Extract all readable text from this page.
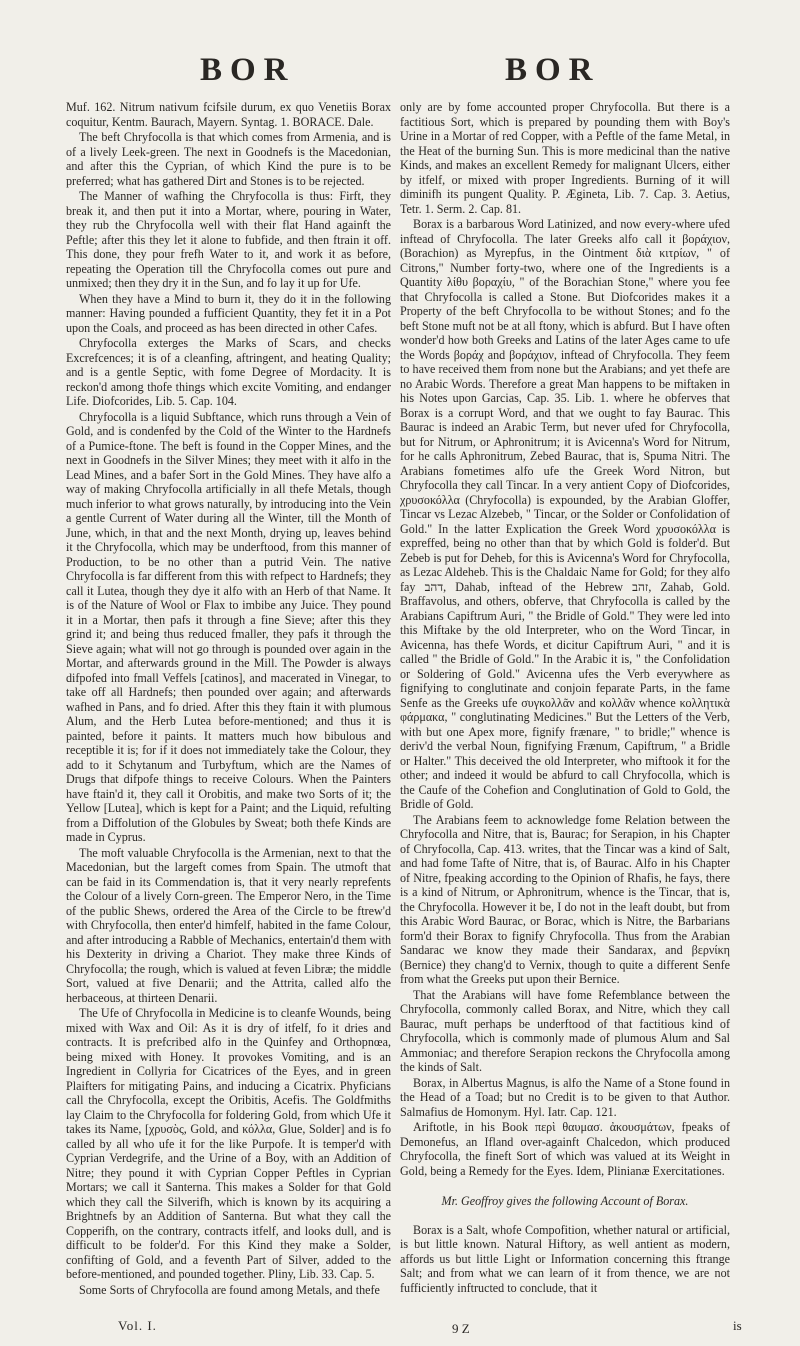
BOR	BOR

Muf. 162. Nitrum nativum fcifsile durum, ex quo Venetiis Borax coquitur, Kentm. Baurach, Mayern. Syntag. 1. BORACE. Dale.

The beft Chryfocolla is that which comes from Armenia, and is of a lively Leek-green. The next in Goodnefs is the Macedonian, and after this the Cyprian, of which Kind the pure is to be preferred; what has gathered Dirt and Stones is to be rejected.

The Manner of wafhing the Chryfocolla is thus: Firft, they break it, and then put it into a Mortar, where, pouring in Water, they rub the Chryfocolla well with their flat Hand againft the Peftle; after this they let it alone to fubfide, and then ftrain it off. This done, they pour frefh Water to it, and work it as before, repeating the Operation till the Chryfocolla comes out pure and unmixed; then they dry it in the Sun, and fo lay it up for Ufe.

When they have a Mind to burn it, they do it in the following manner: Having pounded a fufficient Quantity, they fet it in a Pot upon the Coals, and proceed as has been directed in other Cafes.

Chryfocolla exterges the Marks of Scars, and checks Excrefcences; it is of a cleanfing, aftringent, and heating Quality; and is a gentle Septic, with fome Degree of Mordacity. It is reckon'd among thofe things which excite Vomiting, and endanger Life. Diofcorides, Lib. 5. Cap. 104.

Chryfocolla is a liquid Subftance, which runs through a Vein of Gold, and is condenfed by the Cold of the Winter to the Hardnefs of a Pumice-ftone. The beft is found in the Copper Mines, and the next in Goodnefs in the Silver Mines; they meet with it alfo in the Lead Mines, and a bafer Sort in the Gold Mines. They have alfo a way of making Chryfocolla artificially in all thefe Metals, though much inferior to what grows naturally, by introducing into the Vein a gentle Current of Water during all the Winter, till the Month of June, which, in that and the next Month, drying up, leaves behind it the Chryfocolla, which may be underftood, from this manner of Production, to be no other than a putrid Vein. The native Chryfocolla is far different from this with refpect to Hardnefs; they call it Lutea, though they dye it alfo with an Herb of that Name. It is of the Nature of Wool or Flax to imbibe any Juice. They pound it in a Mortar, then pafs it through a fine Sieve; after this they grind it; and being thus reduced fmaller, they pafs it through the Sieve again; what will not go through is pounded over again in the Mortar, and afterwards ground in the Mill. The Powder is always difpofed into fmall Veffels [catinos], and macerated in Vinegar, to take off all Hardnefs; then pounded over again; and afterwards wafhed in Pans, and fo dried. After this they ftain it with plumous Alum, and the Herb Lutea before-mentioned; and thus it is painted, before it paints. It matters much how bibulous and receptible it is; for if it does not immediately take the Colour, they add to it Schytanum and Turbyftum, which are the Names of Drugs that difpofe things to receive Colours. When the Painters have ftain'd it, they call it Orobitis, and make two Sorts of it; the Yellow [Lutea], which is kept for a Paint; and the Liquid, refulting from a Diffolution of the Globules by Sweat; both thefe Kinds are made in Cyprus.

The moft valuable Chryfocolla is the Armenian, next to that the Macedonian, but the largeft comes from Spain. The utmoft that can be faid in its Commendation is, that it very nearly reprefents the Colour of a lively Corn-green. The Emperor Nero, in the Time of the public Shews, ordered the Area of the Circle to be ftrew'd with Chryfocolla, then enter'd himfelf, habited in the fame Colour, and after introducing a Rabble of Mechanics, entertain'd them with his Dexterity in driving a Chariot. They make three Kinds of Chryfocolla; the rough, which is valued at feven Libræ; the middle Sort, valued at five Denarii; and the Attrita, called alfo the herbaceous, at thirteen Denarii.

The Ufe of Chryfocolla in Medicine is to cleanfe Wounds, being mixed with Wax and Oil: As it is dry of itfelf, fo it dries and contracts. It is prefcribed alfo in the Quinfey and Orthopnœa, being mixed with Honey. It provokes Vomiting, and is an Ingredient in Collyria for Cicatrices of the Eyes, and in green Plaifters for mitigating Pains, and inducing a Cicatrix. Phyficians call the Chryfocolla, except the Oribitis, Acefis. The Goldfmiths lay Claim to the Chryfocolla for foldering Gold, from which Ufe it takes its Name, [χρυσὸς, Gold, and κόλλα, Glue, Solder] and is fo called by all who ufe it for the like Purpofe. It is temper'd with Cyprian Verdegrife, and the Urine of a Boy, with an Addition of Nitre; they pound it with Cyprian Copper Peftles in Cyprian Mortars; we call it Santerna. This makes a Solder for that Gold which they call the Silverifh, which is known by its acquiring a Brightnefs by an Addition of Santerna. But what they call the Copperifh, on the contrary, contracts itfelf, and looks dull, and is difficult to be folder'd. For this Kind they make a Solder, confifting of Gold, and a feventh Part of Silver, added to the before-mentioned, and pounded together. Pliny, Lib. 33. Cap. 5.

Some Sorts of Chryfocolla are found among Metals, and thefe

only are by fome accounted proper Chryfocolla. But there is a factitious Sort, which is prepared by pounding them with Boy's Urine in a Mortar of red Copper, with a Peftle of the fame Metal, in the Heat of the burning Sun. This is more medicinal than the native Kinds, and makes an excellent Remedy for malignant Ulcers, either by itfelf, or mixed with proper Ingredients. Burning of it will diminifh its pungent Quality. P. Ægineta, Lib. 7. Cap. 3. Aetius, Tetr. 1. Serm. 2. Cap. 81.

Borax is a barbarous Word Latinized, and now every-where ufed inftead of Chryfocolla. The later Greeks alfo call it βοράχιον, (Borachion) as Myrepfus, in the Ointment διὰ κιτρίων, " of Citrons," Number forty-two, where one of the Ingredients is a Quantity λίθυ βοραχίυ, " of the Borachian Stone," where you fee that Chryfocolla is called a Stone. But Diofcorides makes it a Property of the beft Chryfocolla to be without Stones; and fo the beft Stone muft not be at all ftony, which is abfurd. But I have often wonder'd how both Greeks and Latins of the later Ages came to ufe the Words βοράχ and βοράχιον, inftead of Chryfocolla. They feem to have received them from none but the Arabians; and yet thefe are no Arabic Words. Therefore a great Man happens to be miftaken in his Notes upon Garcias, Cap. 35. Lib. 1. where he obferves that Borax is a corrupt Word, and that we ought to fay Baurac. This Baurac is indeed an Arabic Term, but never ufed for Chryfocolla, but for Nitrum, or Aphronitrum; it is Avicenna's Word for Nitrum, for he calls Aphronitrum, Zebed Baurac, that is, Spuma Nitri. The Arabians fometimes alfo ufe the Greek Word Nitron, but Chryfocolla they call Tincar. In a very antient Copy of Diofcorides, χρυσοκόλλα (Chryfocolla) is expounded, by the Arabian Gloffer, Tincar vs Lezac Alzebeb, " Tincar, or the Solder or Confolidation of Gold." In the latter Explication the Greek Word χρυσοκόλλα is expreffed, being no other than that by which Gold is folder'd. But Zebeb is put for Deheb, for this is Avicenna's Word for Chryfocolla, as Lezac Aldeheb. This is the Chaldaic Name for Gold; for they alfo fay דהב, Dahab, inftead of the Hebrew זהב, Zahab, Gold. Braffavolus, and others, obferve, that Chryfocolla is called by the Arabians Capiftrum Auri, " the Bridle of Gold." They were led into this Miftake by the old Interpreter, who on the Word Tincar, in Avicenna, has thefe Words, et dicitur Capiftrum Auri, " and it is called " the Bridle of Gold." In the Arabic it is, " the Confolidation or Soldering of Gold." Avicenna ufes the Verb everywhere as fignifying to conglutinate and conjoin feparate Parts, in the fame Senfe as the Greeks ufe συγκολλᾶν and κολλᾶν whence κολλητικὰ φάρμακα, " conglutinating Medicines." But the Letters of the Verb, with but one Apex more, fignify frænare, " to bridle;" whence is deriv'd the verbal Noun, fignifying Frænum, Capiftrum, " a Bridle or Halter." This deceived the old Interpreter, who miftook it for the other; and indeed it would be abfurd to call Chryfocolla, which is the Caufe of the Cohefion and Conglutination of Gold to Gold, the Bridle of Gold.

The Arabians feem to acknowledge fome Relation between the Chryfocolla and Nitre, that is, Baurac; for Serapion, in his Chapter of Chryfocolla, Cap. 413. writes, that the Tincar was a kind of Salt, and had fome Tafte of Nitre, that is, of Baurac. Alfo in his Chapter of Nitre, fpeaking according to the Opinion of Rhafis, he fays, there is a kind of Nitrum, or Aphronitrum, whence is the Tincar, that is, the Chryfocolla. However it be, I do not in the leaft doubt, but from this Arabic Word Baurac, or Borac, which is Nitre, the Barbarians form'd their Borax to fignify Chryfocolla. Thus from the Arabian Sandarac we know they made their Sandarax, and βερνίκη (Bernice) they chang'd to Vernix, though to quite a different Senfe from what the Greeks put upon their Bernice.

That the Arabians will have fome Refemblance between the Chryfocolla, commonly called Borax, and Nitre, which they call Baurac, muft perhaps be underftood of that factitious kind of Chryfocolla, which is commonly made of plumous Alum and Sal Ammoniac; and therefore Serapion reckons the Chryfocolla among the kinds of Salt.

Borax, in Albertus Magnus, is alfo the Name of a Stone found in the Head of a Toad; but no Credit is to be given to that Author. Salmafius de Homonym. Hyl. Iatr. Cap. 121.

Ariftotle, in his Book περὶ θαυμασ. ἀκουσμάτων, fpeaks of Demonefus, an Ifland over-againft Chalcedon, which produced Chryfocolla, the fineft Sort of which was valued at its Weight in Gold, being a Remedy for the Eyes. Idem, Plinianæ Exercitationes.

Mr. Geoffroy gives the following Account of Borax.

Borax is a Salt, whofe Compofition, whether natural or artificial, is but little known. Natural Hiftory, as well antient as modern, affords us but little Light or Information concerning this ftrange Salt; and from what we can learn of it from thence, we are not fufficiently inftructed to conclude, that it

Vol. I.	9 Z	is
